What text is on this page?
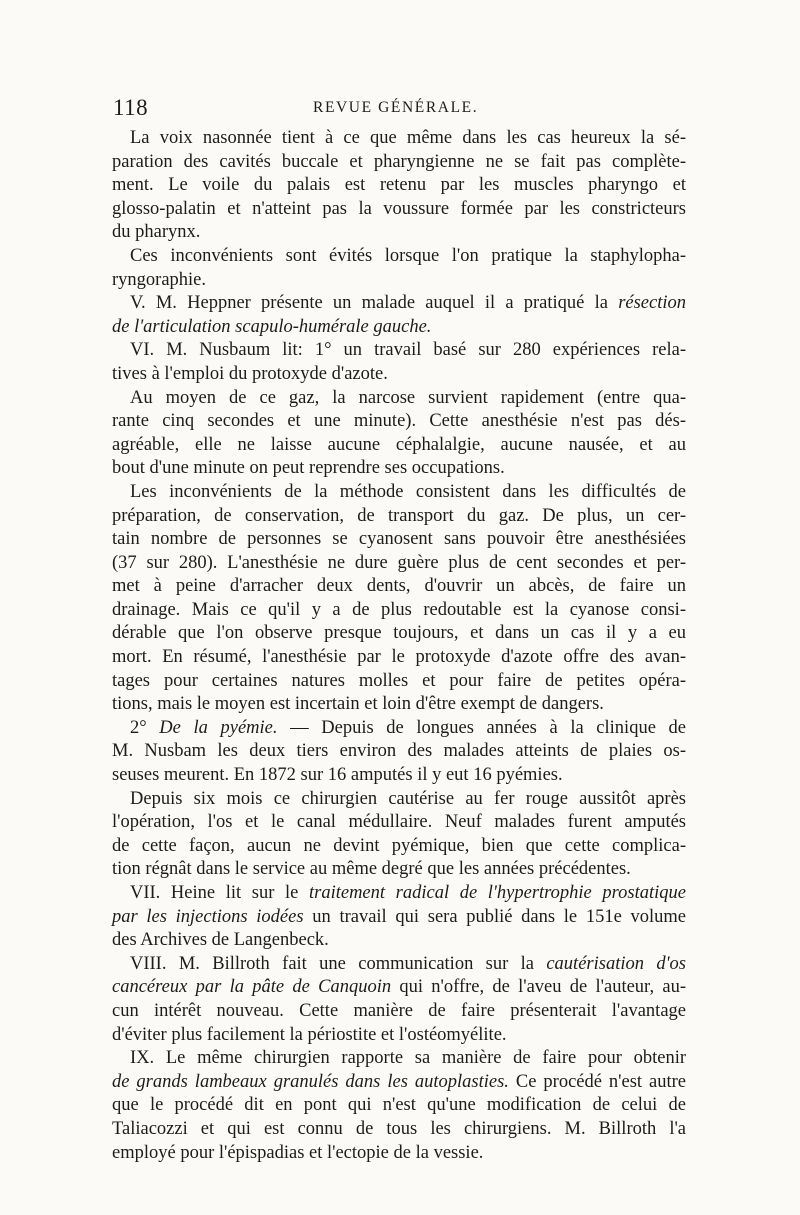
118	REVUE GÉNÉRALE.

La voix nasonnée tient à ce que même dans les cas heureux la sé-

paration des cavités buccale et pharyngienne ne se fait pas complète-

ment. Le voile du palais est retenu par les muscles pharyngo et

glosso-palatin et n'atteint pas la voussure formée par les constricteurs

du pharynx.

Ces inconvénients sont évités lorsque l'on pratique la staphylopha-

ryngoraphie.

V. M. Heppner présente un malade auquel il a pratiqué la résection

de l'articulation scapulo-humérale gauche.

VI. M. Nusbaum lit: 1° un travail basé sur 280 expériences rela-

tives à l'emploi du protoxyde d'azote.

Au moyen de ce gaz, la narcose survient rapidement (entre qua-

rante cinq secondes et une minute). Cette anesthésie n'est pas dés-

agréable, elle ne laisse aucune céphalalgie, aucune nausée, et au

bout d'une minute on peut reprendre ses occupations.

Les inconvénients de la méthode consistent dans les difficultés de

préparation, de conservation, de transport du gaz. De plus, un cer-

tain nombre de personnes se cyanosent sans pouvoir être anesthésiées

(37 sur 280). L'anesthésie ne dure guère plus de cent secondes et per-

met à peine d'arracher deux dents, d'ouvrir un abcès, de faire un

drainage. Mais ce qu'il y a de plus redoutable est la cyanose consi-

dérable que l'on observe presque toujours, et dans un cas il y a eu

mort. En résumé, l'anesthésie par le protoxyde d'azote offre des avan-

tages pour certaines natures molles et pour faire de petites opéra-

tions, mais le moyen est incertain et loin d'être exempt de dangers.

2° De la pyémie. — Depuis de longues années à la clinique de

M. Nusbam les deux tiers environ des malades atteints de plaies os-

seuses meurent. En 1872 sur 16 amputés il y eut 16 pyémies.

Depuis six mois ce chirurgien cautérise au fer rouge aussitôt après

l'opération, l'os et le canal médullaire. Neuf malades furent amputés

de cette façon, aucun ne devint pyémique, bien que cette complica-

tion régnât dans le service au même degré que les années précédentes.

VII. Heine lit sur le traitement radical de l'hypertrophie prostatique

par les injections iodées un travail qui sera publié dans le 151e volume

des Archives de Langenbeck.

VIII. M. Billroth fait une communication sur la cautérisation d'os

cancéreux par la pâte de Canquoin qui n'offre, de l'aveu de l'auteur, au-

cun intérêt nouveau. Cette manière de faire présenterait l'avantage

d'éviter plus facilement la périostite et l'ostéomyélite.

IX. Le même chirurgien rapporte sa manière de faire pour obtenir

de grands lambeaux granulés dans les autoplasties. Ce procédé n'est autre

que le procédé dit en pont qui n'est qu'une modification de celui de

Taliacozzi et qui est connu de tous les chirurgiens. M. Billroth l'a

employé pour l'épispadias et l'ectopie de la vessie.
